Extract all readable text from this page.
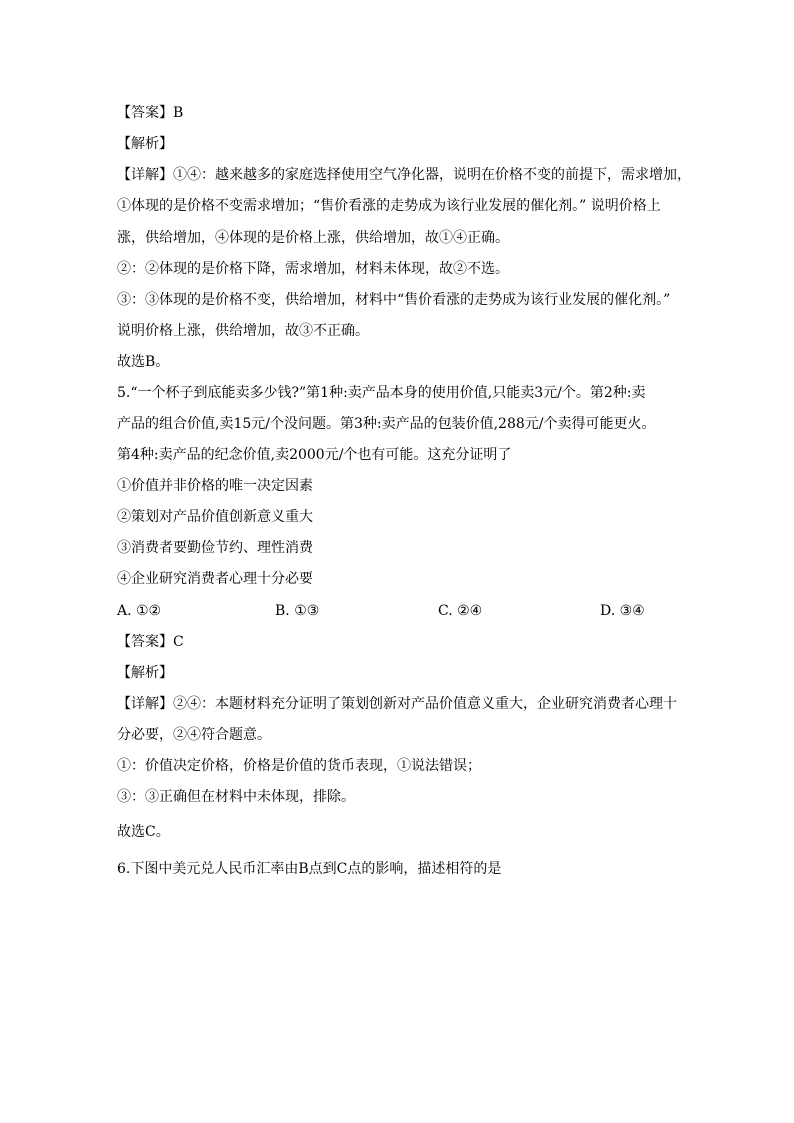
【答案】B
【解析】
【详解】①④：越来越多的家庭选择使用空气净化器，说明在价格不变的前提下，需求增加，
①体现的是价格不变需求增加；“售价看涨的走势成为该行业发展的催化剂。” 说明价格上
涨，供给增加，④体现的是价格上涨，供给增加，故①④正确。
②：②体现的是价格下降，需求增加，材料未体现，故②不选。
③：③体现的是价格不变，供给增加，材料中“售价看涨的走势成为该行业发展的催化剂。”
说明价格上涨，供给增加，故③不正确。
故选B。
5.“一个杯子到底能卖多少钱?”第1种:卖产品本身的使用价值,只能卖3元/个。第2种:卖
产品的组合价值,卖15元/个没问题。第3种:卖产品的包装价值,288元/个卖得可能更火。
第4种:卖产品的纪念价值,卖2000元/个也有可能。这充分证明了
①价值并非价格的唯一决定因素
②策划对产品价值创新意义重大
③消费者要勤俭节约、理性消费
④企业研究消费者心理十分必要
A. ①②	B. ①③	C. ②④	D. ③④
【答案】C
【解析】
【详解】②④：本题材料充分证明了策划创新对产品价值意义重大，企业研究消费者心理十
分必要，②④符合题意。
①：价值决定价格，价格是价值的货币表现，①说法错误；
③：③正确但在材料中未体现，排除。
故选C。
6.下图中美元兑人民币汇率由B点到C点的影响，描述相符的是
